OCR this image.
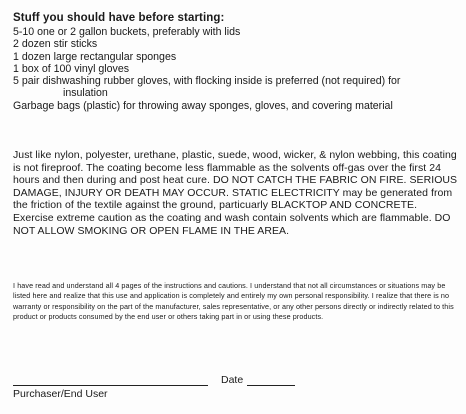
Stuff you should have before starting:
5-10 one or 2 gallon buckets, preferably with lids
2 dozen stir sticks
1 dozen large rectangular sponges
1 box of 100 vinyl gloves
5 pair dishwashing rubber gloves, with flocking inside is preferred (not required) for
insulation
Garbage bags (plastic) for throwing away sponges, gloves, and covering material
Just like nylon, polyester, urethane, plastic, suede, wood, wicker, & nylon webbing, this coating is not fireproof. The coating become less flammable as the solvents off-gas over the first 24 hours and then during and post heat cure. DO NOT CATCH THE FABRIC ON FIRE. SERIOUS DAMAGE, INJURY OR DEATH MAY OCCUR. STATIC ELECTRICITY may be generated from the friction of the textile against the ground, particuarly BLACKTOP AND CONCRETE. Exercise extreme caution as the coating and wash contain solvents which are flammable. DO NOT ALLOW SMOKING OR OPEN FLAME IN THE AREA.
I have read and understand all 4 pages of the instructions and cautions. I understand that not all circumstances or situations may be listed here and realize that this use and application is completely and entirely my own personal responsibility. I realize that there is no warranty or responsibility on the part of the manufacturer, sales representative, or any other persons directly or indirectly related to this product or products consumed by the end user or others taking part in or using these products.
Date
Purchaser/End User
